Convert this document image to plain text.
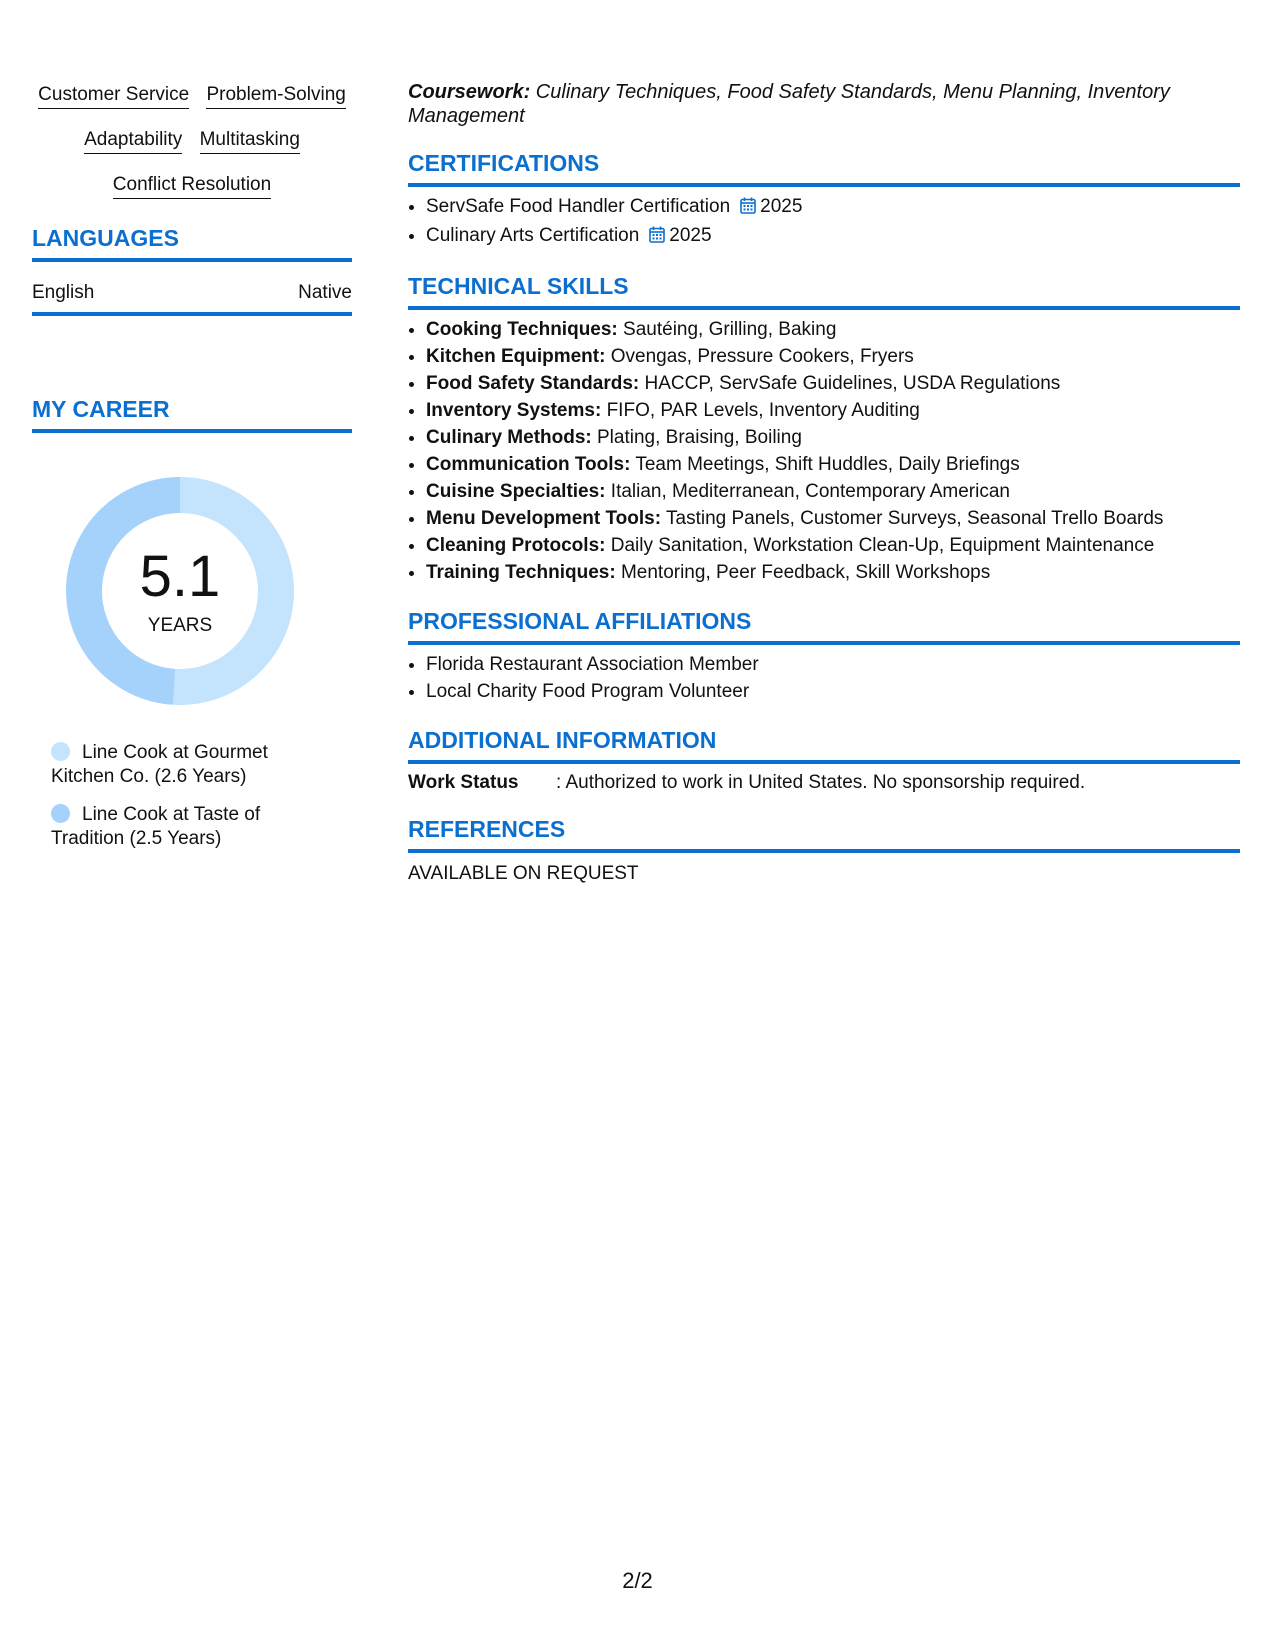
Customer Service Problem-Solving
Adaptability Multitasking
Conflict Resolution
LANGUAGES
English	Native
MY CAREER
5.1
YEARS
Line Cook at Gourmet Kitchen Co. (2.6 Years)
Line Cook at Taste of Tradition (2.5 Years)
Coursework: Culinary Techniques, Food Safety Standards, Menu Planning, Inventory Management
CERTIFICATIONS
• ServSafe Food Handler Certification 2025
• Culinary Arts Certification 2025
TECHNICAL SKILLS
• Cooking Techniques: Sautéing, Grilling, Baking
• Kitchen Equipment: Ovengas, Pressure Cookers, Fryers
• Food Safety Standards: HACCP, ServSafe Guidelines, USDA Regulations
• Inventory Systems: FIFO, PAR Levels, Inventory Auditing
• Culinary Methods: Plating, Braising, Boiling
• Communication Tools: Team Meetings, Shift Huddles, Daily Briefings
• Cuisine Specialties: Italian, Mediterranean, Contemporary American
• Menu Development Tools: Tasting Panels, Customer Surveys, Seasonal Trello Boards
• Cleaning Protocols: Daily Sanitation, Workstation Clean-Up, Equipment Maintenance
• Training Techniques: Mentoring, Peer Feedback, Skill Workshops
PROFESSIONAL AFFILIATIONS
• Florida Restaurant Association Member
• Local Charity Food Program Volunteer
ADDITIONAL INFORMATION
Work Status : Authorized to work in United States. No sponsorship required.
REFERENCES
AVAILABLE ON REQUEST
2/2
